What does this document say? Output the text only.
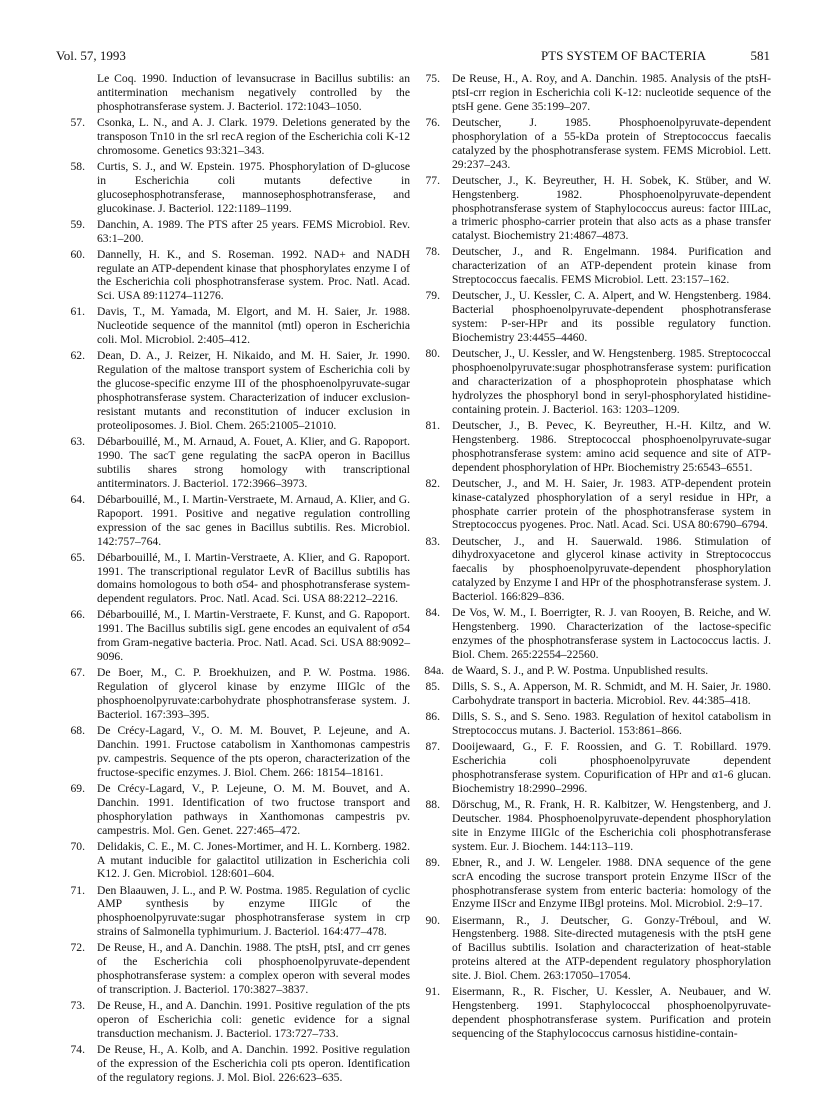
Vol. 57, 1993	PTS SYSTEM OF BACTERIA	581
Le Coq. 1990. Induction of levansucrase in Bacillus subtilis: an antitermination mechanism negatively controlled by the phosphotransferase system. J. Bacteriol. 172:1043–1050.
57. Csonka, L. N., and A. J. Clark. 1979. Deletions generated by the transposon Tn10 in the srl recA region of the Escherichia coli K-12 chromosome. Genetics 93:321–343.
58. Curtis, S. J., and W. Epstein. 1975. Phosphorylation of D-glucose in Escherichia coli mutants defective in glucosephosphotransferase, mannosephosphotransferase, and glucokinase. J. Bacteriol. 122:1189–1199.
59. Danchin, A. 1989. The PTS after 25 years. FEMS Microbiol. Rev. 63:1–200.
60. Dannelly, H. K., and S. Roseman. 1992. NAD+ and NADH regulate an ATP-dependent kinase that phosphorylates enzyme I of the Escherichia coli phosphotransferase system. Proc. Natl. Acad. Sci. USA 89:11274–11276.
61. Davis, T., M. Yamada, M. Elgort, and M. H. Saier, Jr. 1988. Nucleotide sequence of the mannitol (mtl) operon in Escherichia coli. Mol. Microbiol. 2:405–412.
62. Dean, D. A., J. Reizer, H. Nikaido, and M. H. Saier, Jr. 1990. Regulation of the maltose transport system of Escherichia coli by the glucose-specific enzyme III of the phosphoenolpyruvate-sugar phosphotransferase system. Characterization of inducer exclusion-resistant mutants and reconstitution of inducer exclusion in proteoliposomes. J. Biol. Chem. 265:21005–21010.
63. Débarbouillé, M., M. Arnaud, A. Fouet, A. Klier, and G. Rapoport. 1990. The sacT gene regulating the sacPA operon in Bacillus subtilis shares strong homology with transcriptional antiterminators. J. Bacteriol. 172:3966–3973.
64. Débarbouillé, M., I. Martin-Verstraete, M. Arnaud, A. Klier, and G. Rapoport. 1991. Positive and negative regulation controlling expression of the sac genes in Bacillus subtilis. Res. Microbiol. 142:757–764.
65. Débarbouillé, M., I. Martin-Verstraete, A. Klier, and G. Rapoport. 1991. The transcriptional regulator LevR of Bacillus subtilis has domains homologous to both σ54- and phosphotransferase system-dependent regulators. Proc. Natl. Acad. Sci. USA 88:2212–2216.
66. Débarbouillé, M., I. Martin-Verstraete, F. Kunst, and G. Rapoport. 1991. The Bacillus subtilis sigL gene encodes an equivalent of σ54 from Gram-negative bacteria. Proc. Natl. Acad. Sci. USA 88:9092–9096.
67. De Boer, M., C. P. Broekhuizen, and P. W. Postma. 1986. Regulation of glycerol kinase by enzyme IIIGlc of the phosphoenolpyruvate:carbohydrate phosphotransferase system. J. Bacteriol. 167:393–395.
68. De Crécy-Lagard, V., O. M. M. Bouvet, P. Lejeune, and A. Danchin. 1991. Fructose catabolism in Xanthomonas campestris pv. campestris. Sequence of the pts operon, characterization of the fructose-specific enzymes. J. Biol. Chem. 266: 18154–18161.
69. De Crécy-Lagard, V., P. Lejeune, O. M. M. Bouvet, and A. Danchin. 1991. Identification of two fructose transport and phosphorylation pathways in Xanthomonas campestris pv. campestris. Mol. Gen. Genet. 227:465–472.
70. Delidakis, C. E., M. C. Jones-Mortimer, and H. L. Kornberg. 1982. A mutant inducible for galactitol utilization in Escherichia coli K12. J. Gen. Microbiol. 128:601–604.
71. Den Blaauwen, J. L., and P. W. Postma. 1985. Regulation of cyclic AMP synthesis by enzyme IIIGlc of the phosphoenolpyruvate:sugar phosphotransferase system in crp strains of Salmonella typhimurium. J. Bacteriol. 164:477–478.
72. De Reuse, H., and A. Danchin. 1988. The ptsH, ptsI, and crr genes of the Escherichia coli phosphoenolpyruvate-dependent phosphotransferase system: a complex operon with several modes of transcription. J. Bacteriol. 170:3827–3837.
73. De Reuse, H., and A. Danchin. 1991. Positive regulation of the pts operon of Escherichia coli: genetic evidence for a signal transduction mechanism. J. Bacteriol. 173:727–733.
74. De Reuse, H., A. Kolb, and A. Danchin. 1992. Positive regulation of the expression of the Escherichia coli pts operon. Identification of the regulatory regions. J. Mol. Biol. 226:623–635.
75. De Reuse, H., A. Roy, and A. Danchin. 1985. Analysis of the ptsH-ptsI-crr region in Escherichia coli K-12: nucleotide sequence of the ptsH gene. Gene 35:199–207.
76. Deutscher, J. 1985. Phosphoenolpyruvate-dependent phosphorylation of a 55-kDa protein of Streptococcus faecalis catalyzed by the phosphotransferase system. FEMS Microbiol. Lett. 29:237–243.
77. Deutscher, J., K. Beyreuther, H. H. Sobek, K. Stüber, and W. Hengstenberg. 1982. Phosphoenolpyruvate-dependent phosphotransferase system of Staphylococcus aureus: factor IIILac, a trimeric phospho-carrier protein that also acts as a phase transfer catalyst. Biochemistry 21:4867–4873.
78. Deutscher, J., and R. Engelmann. 1984. Purification and characterization of an ATP-dependent protein kinase from Streptococcus faecalis. FEMS Microbiol. Lett. 23:157–162.
79. Deutscher, J., U. Kessler, C. A. Alpert, and W. Hengstenberg. 1984. Bacterial phosphoenolpyruvate-dependent phosphotransferase system: P-ser-HPr and its possible regulatory function. Biochemistry 23:4455–4460.
80. Deutscher, J., U. Kessler, and W. Hengstenberg. 1985. Streptococcal phosphoenolpyruvate:sugar phosphotransferase system: purification and characterization of a phosphoprotein phosphatase which hydrolyzes the phosphoryl bond in seryl-phosphorylated histidine-containing protein. J. Bacteriol. 163: 1203–1209.
81. Deutscher, J., B. Pevec, K. Beyreuther, H.-H. Kiltz, and W. Hengstenberg. 1986. Streptococcal phosphoenolpyruvate-sugar phosphotransferase system: amino acid sequence and site of ATP-dependent phosphorylation of HPr. Biochemistry 25:6543–6551.
82. Deutscher, J., and M. H. Saier, Jr. 1983. ATP-dependent protein kinase-catalyzed phosphorylation of a seryl residue in HPr, a phosphate carrier protein of the phosphotransferase system in Streptococcus pyogenes. Proc. Natl. Acad. Sci. USA 80:6790–6794.
83. Deutscher, J., and H. Sauerwald. 1986. Stimulation of dihydroxyacetone and glycerol kinase activity in Streptococcus faecalis by phosphoenolpyruvate-dependent phosphorylation catalyzed by Enzyme I and HPr of the phosphotransferase system. J. Bacteriol. 166:829–836.
84. De Vos, W. M., I. Boerrigter, R. J. van Rooyen, B. Reiche, and W. Hengstenberg. 1990. Characterization of the lactose-specific enzymes of the phosphotransferase system in Lactococcus lactis. J. Biol. Chem. 265:22554–22560.
84a. de Waard, S. J., and P. W. Postma. Unpublished results.
85. Dills, S. S., A. Apperson, M. R. Schmidt, and M. H. Saier, Jr. 1980. Carbohydrate transport in bacteria. Microbiol. Rev. 44:385–418.
86. Dills, S. S., and S. Seno. 1983. Regulation of hexitol catabolism in Streptococcus mutans. J. Bacteriol. 153:861–866.
87. Dooijewaard, G., F. F. Roossien, and G. T. Robillard. 1979. Escherichia coli phosphoenolpyruvate dependent phosphotransferase system. Copurification of HPr and α1-6 glucan. Biochemistry 18:2990–2996.
88. Dörschug, M., R. Frank, H. R. Kalbitzer, W. Hengstenberg, and J. Deutscher. 1984. Phosphoenolpyruvate-dependent phosphorylation site in Enzyme IIIGlc of the Escherichia coli phosphotransferase system. Eur. J. Biochem. 144:113–119.
89. Ebner, R., and J. W. Lengeler. 1988. DNA sequence of the gene scrA encoding the sucrose transport protein Enzyme IIScr of the phosphotransferase system from enteric bacteria: homology of the Enzyme IIScr and Enzyme IIBgl proteins. Mol. Microbiol. 2:9–17.
90. Eisermann, R., J. Deutscher, G. Gonzy-Tréboul, and W. Hengstenberg. 1988. Site-directed mutagenesis with the ptsH gene of Bacillus subtilis. Isolation and characterization of heat-stable proteins altered at the ATP-dependent regulatory phosphorylation site. J. Biol. Chem. 263:17050–17054.
91. Eisermann, R., R. Fischer, U. Kessler, A. Neubauer, and W. Hengstenberg. 1991. Staphylococcal phosphoenolpyruvate-dependent phosphotransferase system. Purification and protein sequencing of the Staphylococcus carnosus histidine-contain-
